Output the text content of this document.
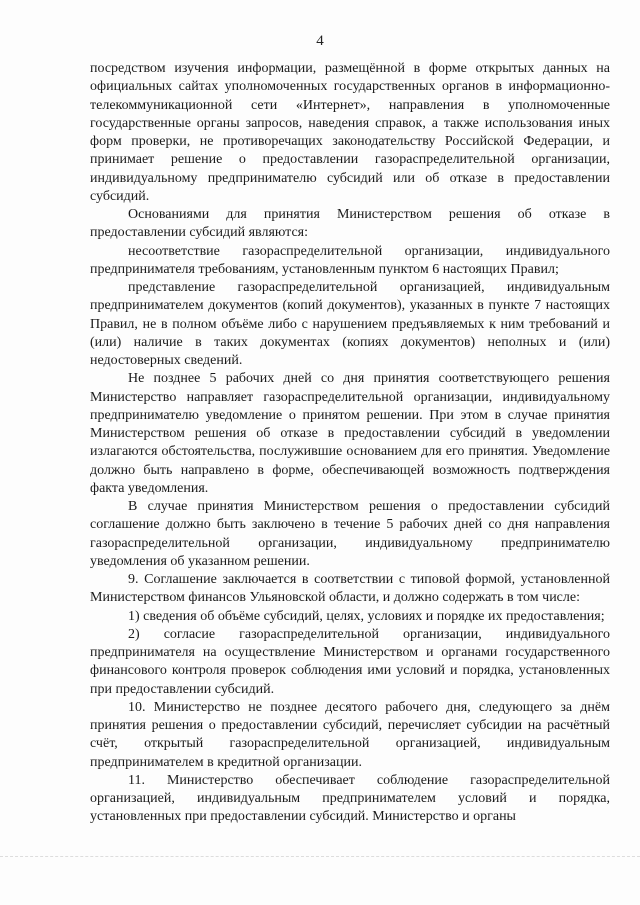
4

посредством изучения информации, размещённой в форме открытых данных на официальных сайтах уполномоченных государственных органов в информационно-телекоммуникационной сети «Интернет», направления в уполномоченные государственные органы запросов, наведения справок, а также использования иных форм проверки, не противоречащих законодательству Российской Федерации, и принимает решение о предоставлении газораспределительной организации, индивидуальному предпринимателю субсидий или об отказе в предоставлении субсидий.

Основаниями для принятия Министерством решения об отказе в предоставлении субсидий являются:

несоответствие газораспределительной организации, индивидуального предпринимателя требованиям, установленным пунктом 6 настоящих Правил;

представление газораспределительной организацией, индивидуальным предпринимателем документов (копий документов), указанных в пункте 7 настоящих Правил, не в полном объёме либо с нарушением предъявляемых к ним требований и (или) наличие в таких документах (копиях документов) неполных и (или) недостоверных сведений.

Не позднее 5 рабочих дней со дня принятия соответствующего решения Министерство направляет газораспределительной организации, индивидуальному предпринимателю уведомление о принятом решении. При этом в случае принятия Министерством решения об отказе в предоставлении субсидий в уведомлении излагаются обстоятельства, послужившие основанием для его принятия. Уведомление должно быть направлено в форме, обеспечивающей возможность подтверждения факта уведомления.

В случае принятия Министерством решения о предоставлении субсидий соглашение должно быть заключено в течение 5 рабочих дней со дня направления газораспределительной организации, индивидуальному предпринимателю уведомления об указанном решении.

9. Соглашение заключается в соответствии с типовой формой, установленной Министерством финансов Ульяновской области, и должно содержать в том числе:

1) сведения об объёме субсидий, целях, условиях и порядке их предоставления;

2) согласие газораспределительной организации, индивидуального предпринимателя на осуществление Министерством и органами государственного финансового контроля проверок соблюдения ими условий и порядка, установленных при предоставлении субсидий.

10. Министерство не позднее десятого рабочего дня, следующего за днём принятия решения о предоставлении субсидий, перечисляет субсидии на расчётный счёт, открытый газораспределительной организацией, индивидуальным предпринимателем в кредитной организации.

11. Министерство обеспечивает соблюдение газораспределительной организацией, индивидуальным предпринимателем условий и порядка, установленных при предоставлении субсидий. Министерство и органы
